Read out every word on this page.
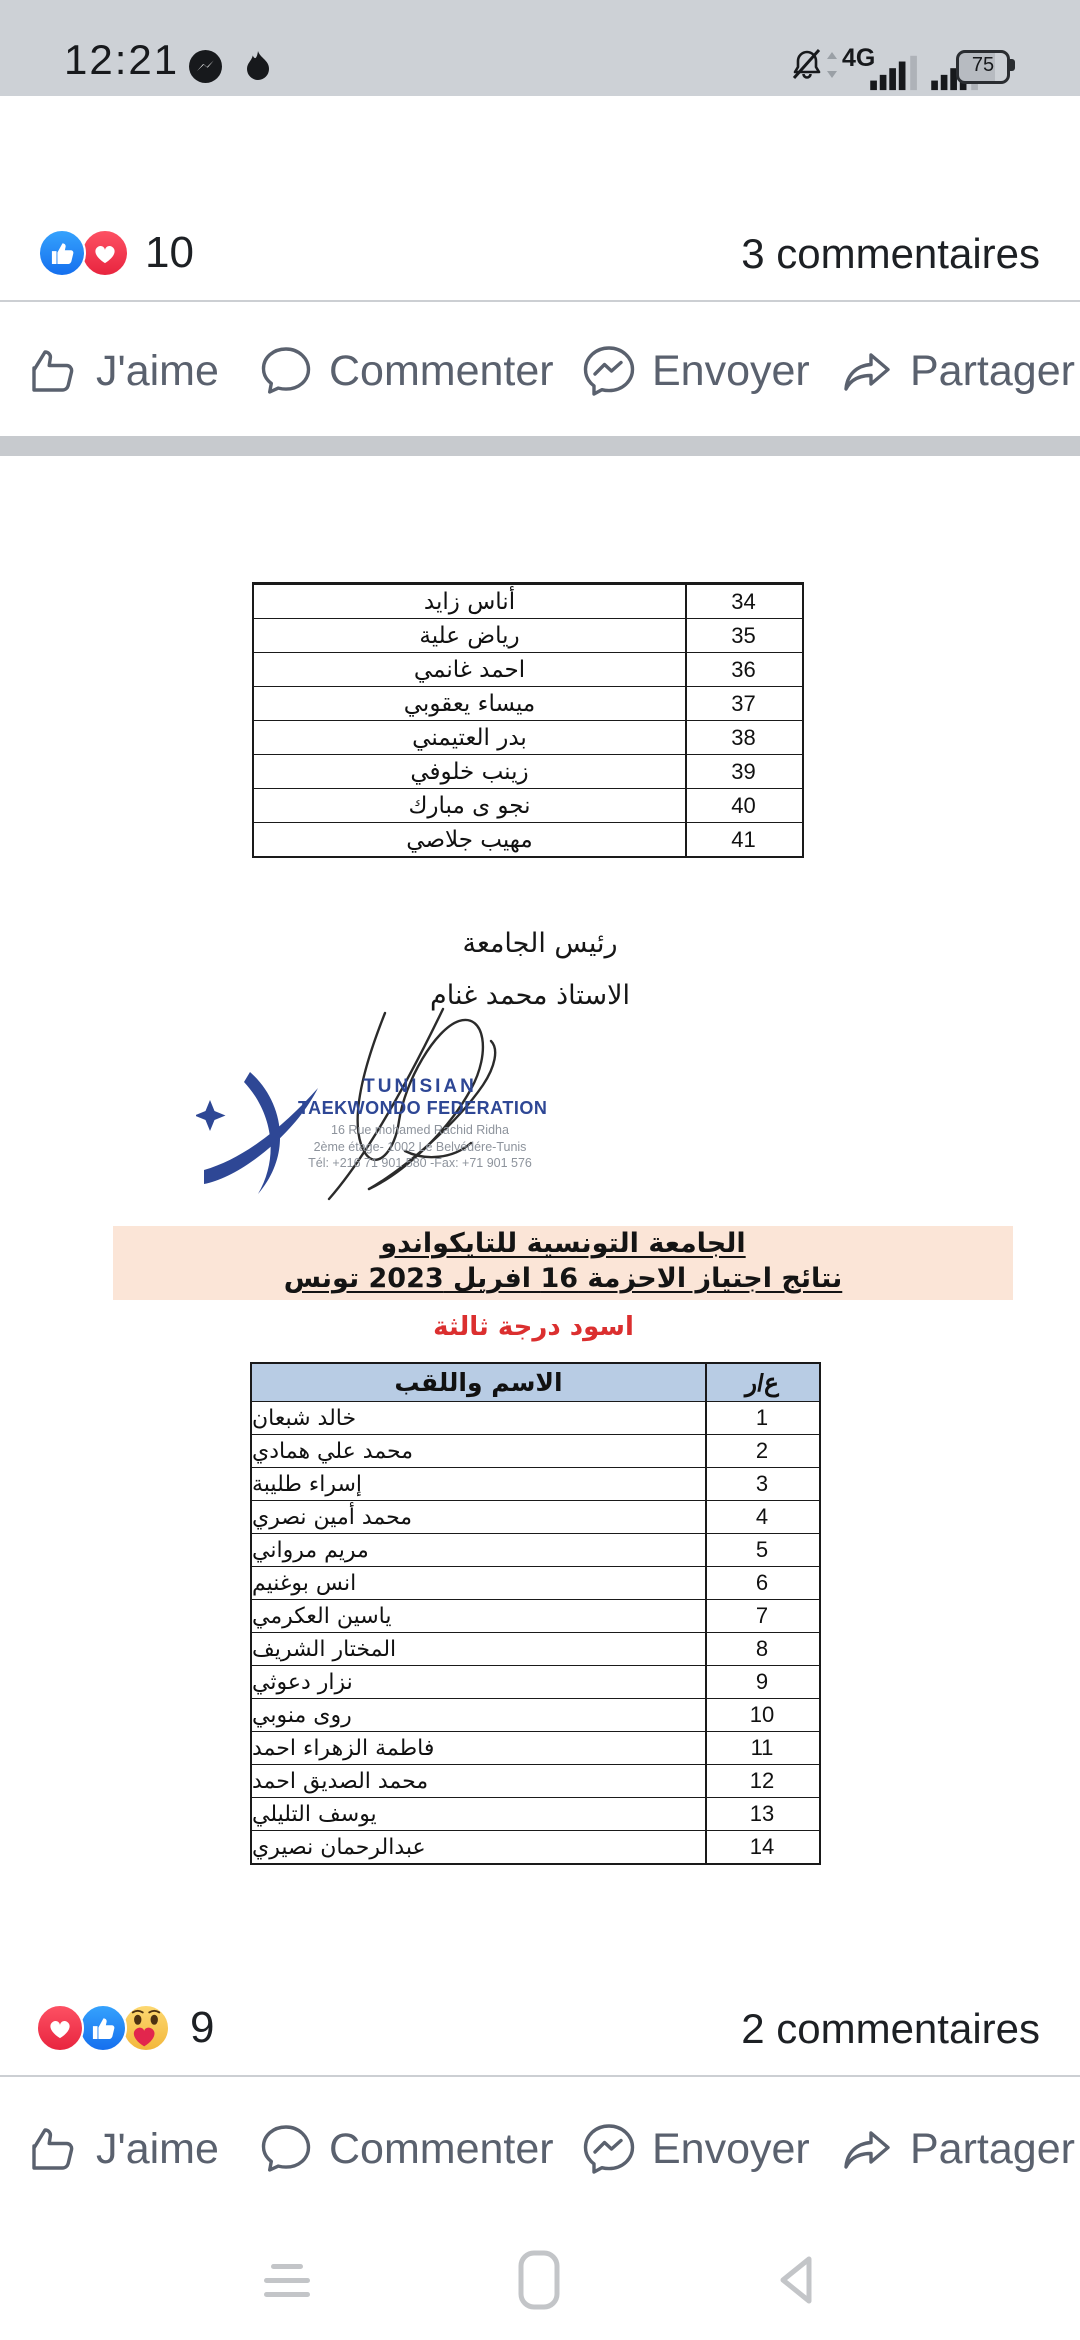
12:21	4G	75
10	3 commentaires
J'aime	Commenter Envoyer Partager
أناس زايد	34
رياض علية	35
احمد غانمي	36
ميساء يعقوبي	37
بدر العتيمني	38
زينب خلوفي	39
نجو ى مبارك	40
مهيب جلاصي	41
رئيس الجامعة
الاستاذ محمد غنام
TUNISIAN
TAEKWONDO FEDERATION
16 Rue mohamed Rachid Ridha
2ème étage- 1002 Le Belvédére-Tunis
Tél: +216 71 901 580 -Fax: +71 901 576
الجامعة التونسية للتايكواندو
نتائج اجتياز الاحزمة 16 افريل 2023 تونس
اسود درجة ثالثة
الاسم واللقب	ع/ر
خالد شبعان	1
محمد علي همادي	2
إسراء طليبة	3
محمد أمين نصري	4
مريم مرواني	5
انس بوغنيم	6
ياسين العكرمي	7
المختار الشريف	8
نزار دعوثي	9
روى منوبي	10
فاطمة الزهراء احمد	11
محمد الصديق احمد	12
يوسف التليلي	13
عبدالرحمان نصيري	14
9	2 commentaires
J'aime	Commenter Envoyer Partager
